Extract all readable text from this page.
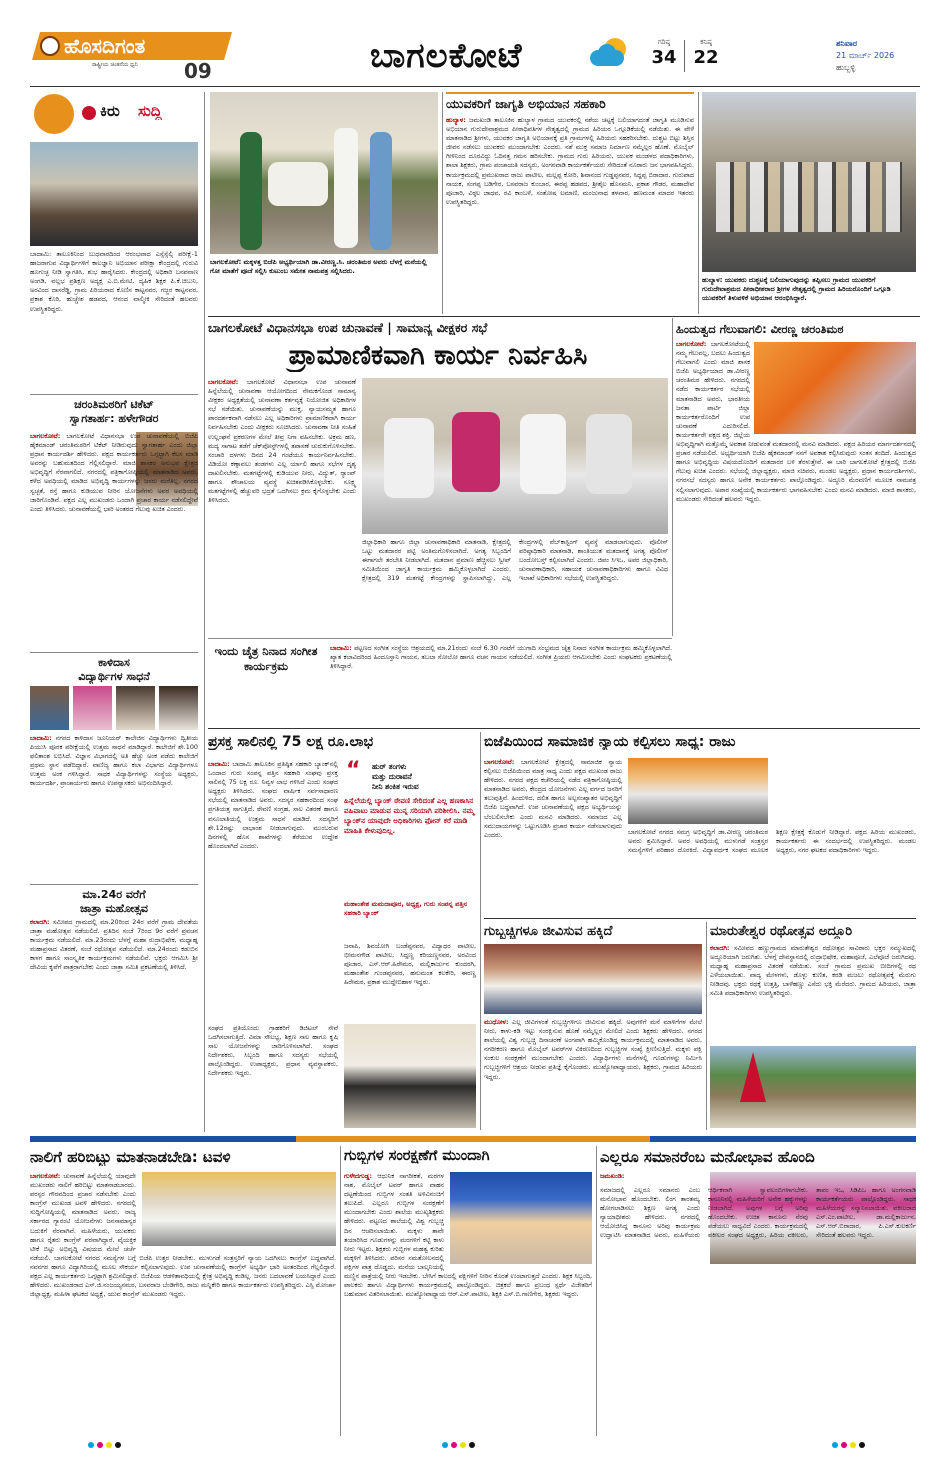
ಹೊಸದಿಗಂತ
ರಾಷ್ಟ್ರೀಯ ಚಿಂತನೆಯ ಧ್ವನಿ 09	ಬಾಗಲಕೋಟೆ	ಗರಿಷ್ಠ
34
ಕನಿಷ್ಠ
22
ಶನಿವಾರ
21 ಮಾರ್ಚ್ 2026
ಹುಬ್ಬಳ್ಳಿ
ಕಿರು ಸುದ್ದಿ
ಬಾದಾಮಿ: ತಾಲೂಕಿನಿಂದ ಬುಧವಾರದಿಂದ ಆರಂಭವಾದ ಎಸ್ಸೆಸ್ಸೆಲ್ಸಿ ಪರೀಕ್ಷೆ-1 ಹಾಜರಾಗುವ ವಿದ್ಯಾರ್ಥಿಗಳಿಗೆ ಕಾಲಜ್ಞಾನಿ ಅಭಿಯಾನ ಪರೀಕ್ಷಾ ಕೇಂದ್ರದಲ್ಲಿ ಗುರುವಿ ಹೂಗುಚ್ಛ ನೀಡಿ ಸ್ವಾಗತಿಸಿ, ಶುಭ ಹಾರೈಸಿದರು. ಕೇಂದ್ರದಲ್ಲಿ ಅಧಿಕಾರಿ ಬನಪನಾಣ ಅಂಗಡಿ, ವಲ್ಲಭ ಪ್ರಶಿಕ್ಷಣ ಅದ್ಯಕ್ಷ ಎ.ಬಿ.ಮೇಟಿ, ದ್ಯಹಿಕ ಶಿಕ್ಷಕ ಪಿ.ಕೆ.ಚಿಬುನಿ, ಅರವಿಂದ ದಾಸರೆಡ್ಡಿ, ಗ್ರಾಮ ಪಿರಿಯರಾದ ಕೊಣಿಸ ಕಾಟ್ಟನವರ, ಗಜ್ಜರ ಕಾಟ್ಟನವರ, ಪ್ರಕಾಶ ಕೊರಿ, ಹುಚ್ಚೇಶ ಹಡಪದ, ಆನಂದ ವಾಲ್ಮೀಕಿ ಸೇರಿದಂತೆ ಹಲವರು ಉಪಸ್ಥಿತರಿದ್ದರು.
ಚರಂತಿಮಠರಿಗೆ ಟಿಕೆಟ್
ಸ್ವಾಗತಾರ್ಹ: ಹಳೇಗೌಡರ
ಬಾಗಲಕೋಟೆ: ಬಾಗಲಕೋಟೆ ವಿಧಾನಸಭಾ ಉಪ ಚುನಾವಣೆಯಲ್ಲಿ ಬಿಜೆಪಿ ಹೈಕಮಾಂಡ್ ಚರಂತಿಮಠರಿಗೆ ಟಿಕೆಟ್ ನೀಡಿರುವುದು ಸ್ವಾಗತಾರ್ಹ ಎಂದು ಜಿಲ್ಲಾ ಪ್ರಧಾನ ಕಾರ್ಯದರ್ಶಿ ಹೇಳಿದರು. ಪಕ್ಷದ ಕಾರ್ಯಕರ್ತರು ಒಗ್ಗಟ್ಟಾಗಿ ಕೆಲಸ ಮಾಡಿ ಅವರನ್ನು ಬಹುಮತದಿಂದ ಗೆಲ್ಲಿಸಲಿದ್ದಾರೆ. ಮಾಜಿ ಶಾಸಕರ ಅನುಭವ ಕ್ಷೇತ್ರದ ಅಭಿವೃದ್ಧಿಗೆ ನೆರವಾಗಲಿದೆ. ನಗರದಲ್ಲಿ ಪತ್ರಿಕಾಗೋಷ್ಠಿಯಲ್ಲಿ ಮಾತನಾಡಿದ ಅವರು, ಕಳೆದ ಅವಧಿಯಲ್ಲಿ ಮಾಡಿದ ಅಭಿವೃದ್ಧಿ ಕಾರ್ಯಗಳನ್ನು ಜನರು ಮರೆತಿಲ್ಲ. ನಗರದ ಸ್ವಚ್ಛತೆ, ರಸ್ತೆ ಹಾಗೂ ಕುಡಿಯುವ ನೀರಿನ ಯೋಜನೆಗಳು ಅವರ ಅವಧಿಯಲ್ಲಿ ಜಾರಿಗೊಂಡಿವೆ. ಪಕ್ಷದ ಎಲ್ಲ ಮುಖಂಡರು ಒಂದಾಗಿ ಪ್ರಚಾರ ಕಾರ್ಯ ನಡೆಸಲಿದ್ದೇವೆ ಎಂದು ತಿಳಿಸಿದರು. ಚುನಾವಣೆಯಲ್ಲಿ ಭಾರಿ ಅಂತರದ ಗೆಲುವು ಖಚಿತ ಎಂದರು.
ಕಾಳಿದಾಸ
ವಿದ್ಯಾರ್ಥಿಗಳ ಸಾಧನೆ
ಬಾದಾಮಿ: ನಗರದ ಕಾಳಿದಾಸ ಜೂನಿಯರ್ ಕಾಲೇಜಿನ ವಿದ್ಯಾರ್ಥಿಗಳು ದ್ವಿತೀಯ ಪಿಯುಸಿ ಪೂರಕ ಪರೀಕ್ಷೆಯಲ್ಲಿ ಉತ್ತಮ ಸಾಧನೆ ಮಾಡಿದ್ದಾರೆ. ಕಾಲೇಜಿಗೆ ಶೇ.100 ಫಲಿತಾಂಶ ಲಭಿಸಿದೆ. ವಿಜ್ಞಾನ ವಿಭಾಗದಲ್ಲಿ ಅತಿ ಹೆಚ್ಚು ಅಂಕ ಪಡೆದು ಕಾಲೇಜಿಗೆ ಪ್ರಥಮ ಸ್ಥಾನ ಪಡೆದಿದ್ದಾರೆ. ವಾಣಿಜ್ಯ ಹಾಗೂ ಕಲಾ ವಿಭಾಗದ ವಿದ್ಯಾರ್ಥಿಗಳೂ ಉತ್ತಮ ಅಂಕ ಗಳಿಸಿದ್ದಾರೆ. ಸಾಧಕ ವಿದ್ಯಾರ್ಥಿಗಳನ್ನು ಸಂಸ್ಥೆಯ ಅಧ್ಯಕ್ಷರು, ಕಾರ್ಯದರ್ಶಿ, ಪ್ರಾಚಾರ್ಯರು ಹಾಗೂ ಉಪನ್ಯಾಸಕರು ಅಭಿನಂದಿಸಿದ್ದಾರೆ.
ಮಾ.24ರ ವರೆಗೆ
ಜಾತ್ರಾ ಮಹೋತ್ಸವ
ಕಲಾದಗಿ: ಸಮೀಪದ ಗ್ರಾಮದಲ್ಲಿ ಮಾ.20ರಿಂದ 24ರ ವರೆಗೆ ಗ್ರಾಮ ದೇವತೆಯ ಜಾತ್ರಾ ಮಹೋತ್ಸವ ನಡೆಯಲಿದೆ. ಪ್ರತಿದಿನ ಸಂಜೆ 7ರಿಂದ 9ರ ವರೆಗೆ ಪ್ರವಚನ ಕಾರ್ಯಕ್ರಮ ನಡೆಯಲಿದೆ. ಮಾ.23ರಂದು ಬೆಳಗ್ಗೆ ಮಹಾ ರುದ್ರಾಭಿಷೇಕ, ಮಧ್ಯಾಹ್ನ ಮಹಾಪ್ರಸಾದ ವಿತರಣೆ, ಸಂಜೆ ರಥೋತ್ಸವ ನಡೆಯಲಿದೆ. ಮಾ.24ರಂದು ಕಡುಬಿನ ಕಾಳಗ ಹಾಗೂ ಸಾಂಸ್ಕೃತಿಕ ಕಾರ್ಯಕ್ರಮಗಳು ನಡೆಯಲಿವೆ. ಭಕ್ತರು ಆಗಮಿಸಿ ಶ್ರೀ ದೇವಿಯ ಕೃಪೆಗೆ ಪಾತ್ರರಾಗಬೇಕು ಎಂದು ಜಾತ್ರಾ ಸಮಿತಿ ಪ್ರಕಟಣೆಯಲ್ಲಿ ತಿಳಿಸಿದೆ.
ಬಾಗಲಕೋಟೆ: ಮಕ್ಕಳತ್ತ ಬಿಜೆಪಿ ಅಭ್ಯರ್ಥಿಯಾಗಿ ಡಾ.ವೀರಣ್ಣ.ಸಿ. ಚರಂತಿಮಠ ಅವರು ಬೆಳಗ್ಗೆ ಮನೆಯಲ್ಲಿ ಗೋ ಮಾತೆಗೆ ಪೂಜೆ ಸಲ್ಲಿಸಿ ಕುಟುಂಬ ಸಮೇತ ನಾಮಪತ್ರ ಸಲ್ಲಿಸಿದರು.
ಯುವಕರಿಗೆ ಜಾಗೃತಿ ಅಭಿಯಾನ ಸಹಕಾರಿ
ಹುಲ್ಯಾಳ: ಜಮಖಂಡಿ ತಾಲೂಕಿನ ಹುಲ್ಯಾಳ ಗ್ರಾಮದ ಯುವಕರಲ್ಲಿ ನಶೆಯ ಚಟ್ಟಕ್ಕೆ ಬಲಿಯಾಗದಂತೆ ಜಾಗೃತಿ ಮೂಡಿಸುವ ಅಭಿಯಾನ ಗುರುದೇವಾಶ್ರಮದ ಪೀಠಾಧಿಪತಿಗಳ ನೇತೃತ್ವದಲ್ಲಿ ಗ್ರಾಮದ ಹಿರಿಯರ ಒಗ್ಗೂಡಿಕೆಯಲ್ಲಿ ನಡೆಯಿತು. ಈ ವೇಳೆ ಮಾತನಾಡಿದ ಶ್ರೀಗಳು, ಯುವಕರ ಜಾಗೃತಿ ಅಭಿಯಾನಕ್ಕೆ ಪ್ರತಿ ಗ್ರಾಮಗಳಲ್ಲಿ ಹಿರಿಯರು ಸಹಕರಿಸಬೇಕು. ದುಶ್ಚಟ ಬಿಟ್ಟು ಶಿಸ್ತಿನ ಜೀವನ ನಡೆಸಲು ಯುವಕರು ಮುಂದಾಗಬೇಕು ಎಂದರು. ನಶೆ ಮುಕ್ತ ಸಮಾಜ ನಿರ್ಮಾಣ ನಮ್ಮೆಲ್ಲರ ಹೊಣೆ. ಮೊಬೈಲ್ ಗೀಳಿನಿಂದ ದೂರವಿದ್ದು ಓದಿನತ್ತ ಗಮನ ಹರಿಸಬೇಕು. ಗ್ರಾಮದ ಗುರು ಹಿರಿಯರು, ಯುವಕ ಮಂಡಳದ ಪದಾಧಿಕಾರಿಗಳು, ಶಾಲಾ ಶಿಕ್ಷಕರು, ಗ್ರಾಮ ಪಂಚಾಯತಿ ಸದಸ್ಯರು, ಅಂಗನವಾಡಿ ಕಾರ್ಯಕರ್ತೆಯರು ಸೇರಿದಂತೆ ನೂರಾರು ಜನ ಭಾಗವಹಿಸಿದ್ದರು. ಕಾರ್ಯಕ್ರಮದಲ್ಲಿ ಪ್ರಮುಖರಾದ ರಾಜು ಪಾಟೀಲ, ಮಲ್ಲಪ್ಪ ಕೋರಿ, ಶಿವಾನಂದ ಗುಡ್ಡಪ್ಪನವರ, ಸಿದ್ದಪ್ಪ ಬಿರಾದಾರ, ಗುರುಪಾದ ನಾಯಕ, ಸಂಗಪ್ಪ ಬಡಿಗೇರ, ಬಸವರಾಜ ಕುಂಬಾರ, ಈರಪ್ಪ ಹಡಪದ, ಶ್ರೀಶೈಲ ಹೊಸಮನಿ, ಪ್ರಕಾಶ ಗೌಡರ, ಮಹಾದೇವ ಪೂಜಾರಿ, ವಿಠ್ಠಲ ಜಾಧವ, ರವಿ ಕಾಂಬಳೆ, ಸಂತೋಷ ಲಮಾಣಿ, ಮಂಜುನಾಥ ತಳವಾರ, ಹಣಮಂತ ಮಾದರ ಇತರರು ಉಪಸ್ಥಿತರಿದ್ದರು.
ಹುಲ್ಯಾಳ: ಯುವಕರು ದುಶ್ಚಟಕ್ಕೆ ಬಲಿಯಾಗುವುದನ್ನು ತಪ್ಪಿಸಲು ಗ್ರಾಮದ ಯುವಕರಿಗೆ ಗುರುದೇವಾಶ್ರಮದ ಪೀಠಾಧೀಶರಾದ ಶ್ರೀಗಳ ನೇತೃತ್ವದಲ್ಲಿ ಗ್ರಾಮದ ಹಿರಿಯರೊಂದಿಗೆ ಒಗ್ಗೂಡಿ ಯುವಕರಿಗೆ ತಿಳುವಳಿಕೆ ಅಭಿಯಾನ ಆರಂಭಿಸಿದ್ದಾರೆ.
ಬಾಗಲಕೋಟೆ ವಿಧಾನಸಭಾ ಉಪ ಚುನಾವಣೆ | ಸಾಮಾನ್ಯ ವೀಕ್ಷಕರ ಸಭೆ
ಪ್ರಾಮಾಣಿಕವಾಗಿ ಕಾರ್ಯ ನಿರ್ವಹಿಸಿ
ಬಾಗಲಕೋಟೆ: ಬಾಗಲಕೋಟೆ ವಿಧಾನಸಭಾ ಉಪ ಚುನಾವಣೆ ಹಿನ್ನೆಲೆಯಲ್ಲಿ ಚುನಾವಣಾ ಆಯೋಗದಿಂದ ನೇಮಕಗೊಂಡ ಸಾಮಾನ್ಯ ವೀಕ್ಷಕರ ಅಧ್ಯಕ್ಷತೆಯಲ್ಲಿ ಚುನಾವಣಾ ಕರ್ತವ್ಯಕ್ಕೆ ನಿಯೋಜಿತ ಅಧಿಕಾರಿಗಳ ಸಭೆ ನಡೆಯಿತು. ಚುನಾವಣೆಯನ್ನು ಮುಕ್ತ, ನ್ಯಾಯಸಮ್ಮತ ಹಾಗೂ ಪಾರದರ್ಶಕವಾಗಿ ನಡೆಸಲು ಎಲ್ಲ ಅಧಿಕಾರಿಗಳು ಪ್ರಾಮಾಣಿಕವಾಗಿ ಕಾರ್ಯ ನಿರ್ವಹಿಸಬೇಕು ಎಂದು ವೀಕ್ಷಕರು ಸೂಚಿಸಿದರು. ಚುನಾವಣಾ ನೀತಿ ಸಂಹಿತೆ ಉಲ್ಲಂಘನೆ ಪ್ರಕರಣಗಳ ಮೇಲೆ ತೀವ್ರ ನಿಗಾ ವಹಿಸಬೇಕು. ಅಕ್ರಮ ಹಣ, ಮದ್ಯ ಸಾಗಾಟ ತಡೆಗೆ ಚೆಕ್‌ಪೋಸ್ಟ್‌ಗಳಲ್ಲಿ ತಪಾಸಣೆ ಚುರುಕುಗೊಳಿಸಬೇಕು. ಸಂಚಾರಿ ದಳಗಳು ದಿನದ 24 ಗಂಟೆಯೂ ಕಾರ್ಯನಿರ್ವಹಿಸಬೇಕು. ವಿಡಿಯೋ ಕಣ್ಗಾವಲು ತಂಡಗಳು ಎಲ್ಲ ರ್ಯಾಲಿ ಹಾಗೂ ಸಭೆಗಳ ದೃಶ್ಯ ದಾಖಲಿಸಬೇಕು. ಮತಗಟ್ಟೆಗಳಲ್ಲಿ ಕುಡಿಯುವ ನೀರು, ವಿದ್ಯುತ್, ರ‍್ಯಾಂಪ್ ಹಾಗೂ ಶೌಚಾಲಯ ವ್ಯವಸ್ಥೆ ಖಚಿತಪಡಿಸಿಕೊಳ್ಳಬೇಕು. ಸೂಕ್ಷ್ಮ ಮತಗಟ್ಟೆಗಳಲ್ಲಿ ಹೆಚ್ಚುವರಿ ಭದ್ರತೆ ಒದಗಿಸಲು ಕ್ರಮ ಕೈಗೊಳ್ಳಬೇಕು ಎಂದು ತಿಳಿಸಿದರು.
ಜಿಲ್ಲಾಧಿಕಾರಿ ಹಾಗೂ ಜಿಲ್ಲಾ ಚುನಾವಣಾಧಿಕಾರಿ ಮಾತನಾಡಿ, ಕ್ಷೇತ್ರದಲ್ಲಿ ಒಟ್ಟು ಮತದಾರರ ಪಟ್ಟಿ ಅಂತಿಮಗೊಳಿಸಲಾಗಿದೆ. ಅಗತ್ಯ ಸಿಬ್ಬಂದಿಗೆ ಈಗಾಗಲೇ ತರಬೇತಿ ನೀಡಲಾಗಿದೆ. ಮತದಾನ ಪ್ರಮಾಣ ಹೆಚ್ಚಿಸಲು ಸ್ವೀಪ್ ಸಮಿತಿಯಿಂದ ಜಾಗೃತಿ ಕಾರ್ಯಕ್ರಮ ಹಮ್ಮಿಕೊಳ್ಳಲಾಗಿದೆ ಎಂದರು. ಕ್ಷೇತ್ರದಲ್ಲಿ 319 ಮತಗಟ್ಟೆ ಕೇಂದ್ರಗಳನ್ನು ಸ್ಥಾಪಿಸಲಾಗಿದ್ದು, ಎಲ್ಲ ಕೇಂದ್ರಗಳಲ್ಲಿ ವೆಬ್‌ಕಾಸ್ಟಿಂಗ್ ವ್ಯವಸ್ಥೆ ಮಾಡಲಾಗುವುದು. ಪೊಲೀಸ್ ವರಿಷ್ಠಾಧಿಕಾರಿ ಮಾತನಾಡಿ, ಶಾಂತಿಯುತ ಮತದಾನಕ್ಕೆ ಅಗತ್ಯ ಪೊಲೀಸ್ ಬಂದೋಬಸ್ತ್ ಕಲ್ಪಿಸಲಾಗಿದೆ ಎಂದರು. ಜಿಪಂ ಸಿಇಒ, ಅಪರ ಜಿಲ್ಲಾಧಿಕಾರಿ, ಚುನಾವಣಾಧಿಕಾರಿ, ಸಹಾಯಕ ಚುನಾವಣಾಧಿಕಾರಿಗಳು ಹಾಗೂ ವಿವಿಧ ಇಲಾಖೆ ಅಧಿಕಾರಿಗಳು ಸಭೆಯಲ್ಲಿ ಉಪಸ್ಥಿತರಿದ್ದರು.
ಹಿಂದುತ್ವದ ಗೆಲುವಾಗಲಿ: ವೀರಣ್ಣ ಚರಂತಿಮಠ
ಬಾಗಲಕೋಟೆ: ಬಾಗಲಕೋಟೆಯಲ್ಲಿ ನಮ್ಮ ಗೆಲುವಲ್ಲ, ಬದಲು ಹಿಂದುತ್ವದ ಗೆಲುವಾಗಲಿ ಎಂದು ಮಾಜಿ ಶಾಸಕ ಬಿಜೆಪಿ ಅಭ್ಯರ್ಥಿಯಾದ ಡಾ.ವೀರಣ್ಣ ಚರಂತಿಮಠ ಹೇಳಿದರು. ನಗರದಲ್ಲಿ ನಡೆದ ಕಾರ್ಯಕರ್ತರ ಸಭೆಯಲ್ಲಿ ಮಾತನಾಡಿದ ಅವರು, ಭಾರತೀಯ ಜನತಾ ಪಾರ್ಟಿ ಜಿಲ್ಲಾ ಕಾರ್ಯಕರ್ತರೊಂದಿಗೆ ಉಪ ಚುನಾವಣೆ ಎದುರಿಸಲಿದೆ. ಕಾರ್ಯಕರ್ತರೇ ಪಕ್ಷದ ಶಕ್ತಿ. ಜಿಲ್ಲೆಯ ಅಭಿವೃದ್ಧಿಗಾಗಿ ಮತ್ತೊಮ್ಮೆ ಅವಕಾಶ ನೀಡುವಂತೆ ಮತದಾರರಲ್ಲಿ ಮನವಿ ಮಾಡಿದರು. ಪಕ್ಷದ ಹಿರಿಯರ ಮಾರ್ಗದರ್ಶನದಲ್ಲಿ ಪ್ರಚಾರ ನಡೆಯಲಿದೆ. ಅಭ್ಯರ್ಥಿಯಾಗಿ ಬಿಜೆಪಿ ಹೈಕಮಾಂಡ್ ನನಗೆ ಅವಕಾಶ ಕಲ್ಪಿಸಿರುವುದು ಸಂತಸ ತಂದಿದೆ. ಹಿಂದುತ್ವದ ಹಾಗೂ ಅಭಿವೃದ್ಧಿಯ ವಿಷಯದೊಂದಿಗೆ ಮತದಾರರ ಬಳಿ ತೆರಳುತ್ತೇವೆ. ಈ ಬಾರಿ ಬಾಗಲಕೋಟೆ ಕ್ಷೇತ್ರದಲ್ಲಿ ಬಿಜೆಪಿ ಗೆಲುವು ಖಚಿತ ಎಂದರು. ಸಭೆಯಲ್ಲಿ ಜಿಲ್ಲಾಧ್ಯಕ್ಷರು, ಮಾಜಿ ಸಚಿವರು, ಮಂಡಲ ಅಧ್ಯಕ್ಷರು, ಪ್ರಧಾನ ಕಾರ್ಯದರ್ಶಿಗಳು, ನಗರಸಭೆ ಸದಸ್ಯರು ಹಾಗೂ ಅನೇಕ ಕಾರ್ಯಕರ್ತರು ಪಾಲ್ಗೊಂಡಿದ್ದರು. ಅದ್ದೂರಿ ಮೆರವಣಿಗೆ ಮೂಲಕ ನಾಮಪತ್ರ ಸಲ್ಲಿಸಲಾಗುವುದು. ಅಪಾರ ಸಂಖ್ಯೆಯಲ್ಲಿ ಕಾರ್ಯಕರ್ತರು ಭಾಗವಹಿಸಬೇಕು ಎಂದು ಮನವಿ ಮಾಡಿದರು. ಮಾಜಿ ಶಾಸಕರು, ಮುಖಂಡರು ಸೇರಿದಂತೆ ಹಲವರು ಇದ್ದರು.
ಇಂದು ಚೈತ್ರ ನಿನಾದ ಸಂಗೀತ ಕಾರ್ಯಕ್ರಮ
ಬಾದಾಮಿ: ಪಟ್ಟಣದ ಸಂಗೀತ ಸಂಸ್ಥೆಯ ಆಶ್ರಯದಲ್ಲಿ ಮಾ.21ರಂದು ಸಂಜೆ 6.30 ಗಂಟೆಗೆ ಯುಗಾದಿ ಸಂಭ್ರಮದ ಚೈತ್ರ ನಿನಾದ ಸಂಗೀತ ಕಾರ್ಯಕ್ರಮ ಹಮ್ಮಿಕೊಳ್ಳಲಾಗಿದೆ. ಖ್ಯಾತ ಕಲಾವಿದರಿಂದ ಹಿಂದೂಸ್ತಾನಿ ಗಾಯನ, ತಬಲಾ ಸೋಲೋ ಹಾಗೂ ವಚನ ಗಾಯನ ನಡೆಯಲಿದೆ. ಸಂಗೀತ ಪ್ರಿಯರು ಆಗಮಿಸಬೇಕು ಎಂದು ಸಂಘಟಕರು ಪ್ರಕಟಣೆಯಲ್ಲಿ ತಿಳಿಸಿದ್ದಾರೆ.
ಪ್ರಸಕ್ತ ಸಾಲಿನಲ್ಲಿ 75 ಲಕ್ಷ ರೂ.ಲಾಭ
ಬಾದಾಮಿ: ಬಾದಾಮಿ ತಾಲೂಕಿನ ಪ್ರತಿಷ್ಠಿತ ಸಹಕಾರಿ ಬ್ಯಾಂಕ್‌ನಲ್ಲಿ ಒಂದಾದ ಗುರು ಸಂಪನ್ನ ಪತ್ತಿನ ಸಹಕಾರಿ ಸಂಘವು ಪ್ರಸಕ್ತ ಸಾಲಿನಲ್ಲಿ 75 ಲಕ್ಷ ರೂ. ನಿವ್ವಳ ಲಾಭ ಗಳಿಸಿದೆ ಎಂದು ಸಂಘದ ಅಧ್ಯಕ್ಷರು ತಿಳಿಸಿದರು. ಸಂಘದ ವಾರ್ಷಿಕ ಸರ್ವಸಾಧಾರಣ ಸಭೆಯಲ್ಲಿ ಮಾತನಾಡಿದ ಅವರು, ಸದಸ್ಯರ ಸಹಕಾರದಿಂದ ಸಂಘ ಪ್ರಗತಿಯತ್ತ ಸಾಗುತ್ತಿದೆ. ಠೇವಣಿ ಸಂಗ್ರಹ, ಸಾಲ ವಿತರಣೆ ಹಾಗೂ ವಸೂಲಾತಿಯಲ್ಲಿ ಉತ್ತಮ ಸಾಧನೆ ಮಾಡಿದೆ. ಸದಸ್ಯರಿಗೆ ಶೇ.12ರಷ್ಟು ಲಾಭಾಂಶ ನೀಡಲಾಗುವುದು. ಮುಂಬರುವ ದಿನಗಳಲ್ಲಿ ಹೊಸ ಶಾಖೆಗಳನ್ನು ತೆರೆಯುವ ಉದ್ದೇಶ ಹೊಂದಲಾಗಿದೆ ಎಂದರು.
“ ಹುರ್ ತಂಗಳು
ಮತ್ತು ದುರಾವನೆ
ನೀನಿ ಶಂಕಿತ ಇರುವ
ಹಿನ್ನೆಲೆಯಲ್ಲಿ ಬ್ಯಾಂಕ್ ಠೇವಣಿ ಸೇರಿದಂತೆ ಎಲ್ಲ ಹಣಕಾಸಿನ ವಹಿವಾಟು ಮಾಡುವ ಮುನ್ನ ಸರಿಯಾಗಿ ಪರಿಶೀಲಿಸಿ. ನಮ್ಮ ಬ್ಯಾಂಕ್‌ನ ಯಾವುದೇ ಅಧಿಕಾರಿಗಳು ಫೋನ್ ಕರೆ ಮಾಡಿ ಮಾಹಿತಿ ಕೇಳುವುದಿಲ್ಲ.
ಮಹಾಂತೇಶ ಮಮದಾಪೂರ, ಅಧ್ಯಕ್ಷ, ಗುರು ಸಂಪನ್ನ ಪತ್ತಿನ ಸಹಕಾರಿ ಬ್ಯಾಂಕ್
ಜನಾಪಿ, ಶಿವಯೋಗಿ ಬಂಡೆಪ್ಪನವರ, ವಿದ್ಯಾಧರ ಪಾಟೀಲ, ಭೀಮನಗೌಡ ಪಾಟೀಲ, ಸಿದ್ದಣ್ಣ ಕರಿಯಣ್ಣನವರ, ಅರವಿಂದ ಪೂಜಾರ, ಎಸ್.ಆರ್.ಹಿರೇಮಠ, ಮಲ್ಲಿಕಾರ್ಜುನ ಕುಂದರಗಿ, ಮಹಾಂತೇಶ ಗುಂಡಪ್ಪನವರ, ಹನುಮಂತ ಕಲಕೇರಿ, ಈರಣ್ಣ ಹಿರೇಮಠ, ಪ್ರಕಾಶ ಮುದ್ದೇಬಿಹಾಳ ಇದ್ದರು.
ಸಂಘದ ಪ್ರತಿಯೊಂದು ಗ್ರಾಹಕರಿಗೆ ಡಿಜಿಟಲ್ ಸೇವೆ ಒದಗಿಸಲಾಗುತ್ತಿದೆ. ವಿಮಾ ಸೌಲಭ್ಯ, ಶಿಕ್ಷಣ ಸಾಲ ಹಾಗೂ ಕೃಷಿ ಸಾಲ ಯೋಜನೆಗಳನ್ನು ಜಾರಿಗೊಳಿಸಲಾಗಿದೆ. ಸಂಘದ ನಿರ್ದೇಶಕರು, ಸಿಬ್ಬಂದಿ ಹಾಗೂ ಸದಸ್ಯರು ಸಭೆಯಲ್ಲಿ ಪಾಲ್ಗೊಂಡಿದ್ದರು. ಉಪಾಧ್ಯಕ್ಷರು, ಪ್ರಧಾನ ವ್ಯವಸ್ಥಾಪಕರು, ನಿರ್ದೇಶಕರು ಇದ್ದರು.
ಬಿಜೆಪಿಯಿಂದ ಸಾಮಾಜಿಕ ನ್ಯಾಯ ಕಲ್ಪಿಸಲು ಸಾಧ್ಯ: ರಾಜು
ಬಾಗಲಕೋಟೆ: ಬಾಗಲಕೋಟೆ ಕ್ಷೇತ್ರದಲ್ಲಿ ಸಾಮಾಜಿಕ ನ್ಯಾಯ ಕಲ್ಪಿಸಲು ಬಿಜೆಪಿಯಿಂದ ಮಾತ್ರ ಸಾಧ್ಯ ಎಂದು ಪಕ್ಷದ ಮುಖಂಡ ರಾಜು ಹೇಳಿದರು. ನಗರದ ಪಕ್ಷದ ಕಚೇರಿಯಲ್ಲಿ ನಡೆದ ಪತ್ರಿಕಾಗೋಷ್ಠಿಯಲ್ಲಿ ಮಾತನಾಡಿದ ಅವರು, ಕೇಂದ್ರದ ಯೋಜನೆಗಳು ಎಲ್ಲ ವರ್ಗದ ಜನರಿಗೆ ತಲುಪುತ್ತಿವೆ. ಹಿಂದುಳಿದ, ದಲಿತ ಹಾಗೂ ಅಲ್ಪಸಂಖ್ಯಾತರ ಅಭಿವೃದ್ಧಿಗೆ ಬಿಜೆಪಿ ಬದ್ಧವಾಗಿದೆ. ಉಪ ಚುನಾವಣೆಯಲ್ಲಿ ಪಕ್ಷದ ಅಭ್ಯರ್ಥಿಯನ್ನು ಬೆಂಬಲಿಸಬೇಕು ಎಂದು ಮನವಿ ಮಾಡಿದರು. ಸಮಾಜದ ಎಲ್ಲ ಸಮುದಾಯಗಳನ್ನು ಒಟ್ಟುಗೂಡಿಸಿ ಪ್ರಚಾರ ಕಾರ್ಯ ನಡೆಸಲಾಗುವುದು ಎಂದರು.	ಬಾಗಲಕೋಟೆ ನಗರದ ಸಮಗ್ರ ಅಭಿವೃದ್ಧಿಗೆ ಡಾ.ವೀರಣ್ಣ ಚರಂತಿಮಠ ಅವರು ಶ್ರಮಿಸಿದ್ದಾರೆ. ಅವರ ಅವಧಿಯಲ್ಲಿ ಮುಳುಗಡೆ ಸಂತ್ರಸ್ತರ ಸಮಸ್ಯೆಗಳಿಗೆ ಪರಿಹಾರ ದೊರಕಿದೆ. ವಿದ್ಯಾವರ್ಧಕ ಸಂಘದ ಮೂಲಕ ಶಿಕ್ಷಣ ಕ್ಷೇತ್ರಕ್ಕೆ ಕೊಡುಗೆ ನೀಡಿದ್ದಾರೆ. ಪಕ್ಷದ ಹಿರಿಯ ಮುಖಂಡರು, ಕಾರ್ಯಕರ್ತರು ಈ ಸಂದರ್ಭದಲ್ಲಿ ಉಪಸ್ಥಿತರಿದ್ದರು. ಮಂಡಲ ಅಧ್ಯಕ್ಷರು, ನಗರ ಘಟಕದ ಪದಾಧಿಕಾರಿಗಳು ಇದ್ದರು.
ಗುಬ್ಬಚ್ಚಿಗಳೂ ಜೀವಿಸುವ ಹಕ್ಕಿದೆ
ಮುಧೋಳ: ಎಲ್ಲ ಜೀವಿಗಳಂತೆ ಗುಬ್ಬಚ್ಚಿಗಳಿಗೂ ಜೀವಿಸುವ ಹಕ್ಕಿದೆ. ಅವುಗಳಿಗೆ ಮನೆ ಮಾಳಿಗೆಗಳ ಮೇಲೆ ನೀರು, ಕಾಳು-ಕಡಿ ಇಟ್ಟು ಸಂರಕ್ಷಿಸುವ ಹೊಣೆ ನಮ್ಮೆಲ್ಲರ ಮೇಲಿದೆ ಎಂದು ಶಿಕ್ಷಕರು ಹೇಳಿದರು. ನಗರದ ಶಾಲೆಯಲ್ಲಿ ವಿಶ್ವ ಗುಬ್ಬಚ್ಚಿ ದಿನಾಚರಣೆ ಅಂಗವಾಗಿ ಹಮ್ಮಿಕೊಂಡಿದ್ದ ಕಾರ್ಯಕ್ರಮದಲ್ಲಿ ಮಾತನಾಡಿದ ಅವರು, ನಗರೀಕರಣ ಹಾಗೂ ಮೊಬೈಲ್ ಟವರ್‌ಗಳ ವಿಕಿರಣದಿಂದ ಗುಬ್ಬಚ್ಚಿಗಳ ಸಂಖ್ಯೆ ಕ್ಷೀಣಿಸುತ್ತಿದೆ. ಮಕ್ಕಳು ಪಕ್ಷಿ ಸಂಕುಲ ಸಂರಕ್ಷಣೆಗೆ ಮುಂದಾಗಬೇಕು ಎಂದರು. ವಿದ್ಯಾರ್ಥಿಗಳು ಮನೆಗಳಲ್ಲಿ ಗೂಡುಗಳನ್ನು ನಿರ್ಮಿಸಿ ಗುಬ್ಬಚ್ಚಿಗಳಿಗೆ ಆಶ್ರಯ ನೀಡುವ ಪ್ರತಿಜ್ಞೆ ಕೈಗೊಂಡರು. ಮುಖ್ಯೋಪಾಧ್ಯಾಯರು, ಶಿಕ್ಷಕರು, ಗ್ರಾಮದ ಹಿರಿಯರು ಇದ್ದರು.
ಮಾರುತೇಶ್ವರ ರಥೋತ್ಸವ ಅದ್ದೂರಿ
ಕಲಾದಗಿ: ಸಮೀಪದ ಹಣ್ಣುಗ್ರಾಮದ ಮಾರುತೇಶ್ವರ ರಥೋತ್ಸವ ಸಾವಿರಾರು ಭಕ್ತರ ಸಮ್ಮುಖದಲ್ಲಿ ಅದ್ದೂರಿಯಾಗಿ ಜರುಗಿತು. ಬೆಳಗ್ಗೆ ದೇವಸ್ಥಾನದಲ್ಲಿ ರುದ್ರಾಭಿಷೇಕ, ಮಹಾಪೂಜೆ, ಎಲೆಪೂಜೆ ಜರುಗಿದವು. ಮಧ್ಯಾಹ್ನ ಮಹಾಪ್ರಸಾದ ವಿತರಣೆ ನಡೆಯಿತು. ಸಂಜೆ ಗ್ರಾಮದ ಪ್ರಮುಖ ಬೀದಿಗಳಲ್ಲಿ ರಥ ಎಳೆಯಲಾಯಿತು. ವಾದ್ಯ ಮೇಳಗಳು, ಡೊಳ್ಳು ಕುಣಿತ, ಕರಡಿ ಮಜಲು ರಥೋತ್ಸವಕ್ಕೆ ಮೆರುಗು ನೀಡಿದವು. ಭಕ್ತರು ರಥಕ್ಕೆ ಉತ್ತತ್ತಿ, ಬಾಳೆಹಣ್ಣು ಎಸೆದು ಭಕ್ತಿ ಮೆರೆದರು. ಗ್ರಾಮದ ಹಿರಿಯರು, ಜಾತ್ರಾ ಸಮಿತಿ ಪದಾಧಿಕಾರಿಗಳು ಉಪಸ್ಥಿತರಿದ್ದರು.
ನಾಲಿಗೆ ಹರಿಬಿಟ್ಟು ಮಾತನಾಡಬೇಡಿ: ಟವಳಿ
ಬಾಗಲಕೋಟೆ: ಚುನಾವಣೆ ಹಿನ್ನೆಲೆಯಲ್ಲಿ ಯಾವುದೇ ಮುಖಂಡರು ನಾಲಿಗೆ ಹರಿಬಿಟ್ಟು ಮಾತನಾಡಬಾರದು. ಪರಸ್ಪರ ಗೌರವದಿಂದ ಪ್ರಚಾರ ನಡೆಸಬೇಕು ಎಂದು ಕಾಂಗ್ರೆಸ್ ಮುಖಂಡ ಟವಳಿ ಹೇಳಿದರು. ನಗರದಲ್ಲಿ ಸುದ್ದಿಗೋಷ್ಠಿಯಲ್ಲಿ ಮಾತನಾಡಿದ ಅವರು, ರಾಜ್ಯ ಸರ್ಕಾರದ ಗ್ಯಾರಂಟಿ ಯೋಜನೆಗಳು ಜನಸಾಮಾನ್ಯರ ಬದುಕಿಗೆ ನೆರವಾಗಿವೆ. ಮಹಿಳೆಯರು, ಯುವಕರು ಹಾಗೂ ರೈತರು ಕಾಂಗ್ರೆಸ್ ಪರವಾಗಿದ್ದಾರೆ. ವೈಯಕ್ತಿಕ ಟೀಕೆ ಬಿಟ್ಟು ಅಭಿವೃದ್ಧಿ ವಿಷಯದ ಮೇಲೆ ಚರ್ಚೆ ನಡೆಯಲಿ. ಬಾಗಲಕೋಟೆ ನಗರದ ಸಮಸ್ಯೆಗಳ ಬಗ್ಗೆ ಬಿಜೆಪಿ ಉತ್ತರ ನೀಡಬೇಕು. ಮುಳುಗಡೆ ಸಂತ್ರಸ್ತರಿಗೆ ನ್ಯಾಯ ಒದಗಿಸಲು ಕಾಂಗ್ರೆಸ್ ಬದ್ಧವಾಗಿದೆ. ನವನಗರ ಹಾಗೂ ವಿದ್ಯಾಗಿರಿಯಲ್ಲಿ ಮೂಲ ಸೌಕರ್ಯ ಕಲ್ಪಿಸಲಾಗುವುದು. ಉಪ ಚುನಾವಣೆಯಲ್ಲಿ ಕಾಂಗ್ರೆಸ್ ಅಭ್ಯರ್ಥಿ ಭಾರಿ ಅಂತರದಿಂದ ಗೆಲ್ಲಲಿದ್ದಾರೆ. ಪಕ್ಷದ ಎಲ್ಲ ಕಾರ್ಯಕರ್ತರು ಒಗ್ಗಟ್ಟಾಗಿ ಶ್ರಮಿಸಲಿದ್ದಾರೆ. ಬಿಜೆಪಿಯ ಆಡಳಿತಾವಧಿಯಲ್ಲಿ ಕ್ಷೇತ್ರ ಅಭಿವೃದ್ಧಿ ಕಂಡಿಲ್ಲ. ಜನರು ಬದಲಾವಣೆ ಬಯಸಿದ್ದಾರೆ ಎಂದು ಹೇಳಿದರು. ಮುಖಂಡರಾದ ಎಸ್.ಜಿ.ನಂಜಯ್ಯನಮಠ, ಬಸವರಾಜ ಬೆಂಡಿಗೇರಿ, ರಾಜು ಮನ್ನಿಕೇರಿ ಹಾಗೂ ಕಾರ್ಯಕರ್ತರು ಉಪಸ್ಥಿತರಿದ್ದರು. ಎಸ್ಸಿ ಮೋರ್ಚಾ ಜಿಲ್ಲಾಧ್ಯಕ್ಷ, ಮಹಿಳಾ ಘಟಕದ ಅಧ್ಯಕ್ಷೆ, ಯುವ ಕಾಂಗ್ರೆಸ್ ಮುಖಂಡರು ಇದ್ದರು.
ಗುಬ್ಬಿಗಳ ಸಂರಕ್ಷಣೆಗೆ ಮುಂದಾಗಿ
ಗುಳೇದಗುಡ್ಡ: ಆಧುನಿಕ ನಾಗರೀಕತೆ, ಮರಗಳ ನಾಶ, ಮೊಬೈಲ್ ಟವರ್ ಹಾಗೂ ವಾಹನ ದಟ್ಟಣೆಯಿಂದ ಗುಬ್ಬಿಗಳ ಸಂತತಿ ಅಳಿವಿನಂಚಿಗೆ ತಲುಪಿದೆ. ಎಲ್ಲರೂ ಗುಬ್ಬಿಗಳ ಸಂರಕ್ಷಣೆಗೆ ಮುಂದಾಗಬೇಕು ಎಂದು ಶಾಲೆಯ ಮುಖ್ಯಶಿಕ್ಷಕರು ಹೇಳಿದರು. ಪಟ್ಟಣದ ಶಾಲೆಯಲ್ಲಿ ವಿಶ್ವ ಗುಬ್ಬಚ್ಚಿ ದಿನ ಆಚರಿಸಲಾಯಿತು. ಮಕ್ಕಳು ತಾವೇ ತಯಾರಿಸಿದ ಗೂಡುಗಳನ್ನು ಮರಗಳಿಗೆ ಕಟ್ಟಿ ಕಾಳು ನೀರು ಇಟ್ಟರು. ಶಿಕ್ಷಕರು ಗುಬ್ಬಿಗಳ ಮಹತ್ವ ಕುರಿತು ಮಕ್ಕಳಿಗೆ ತಿಳಿಸಿದರು. ಪರಿಸರ ಸಮತೋಲನದಲ್ಲಿ ಪಕ್ಷಿಗಳ ಪಾತ್ರ ದೊಡ್ಡದು. ಮನೆಯ ಬಾಲ್ಕನಿಯಲ್ಲಿ ಮಣ್ಣಿನ ಪಾತ್ರೆಯಲ್ಲಿ ನೀರು ಇಡಬೇಕು. ಬೇಸಿಗೆ ಕಾಲದಲ್ಲಿ ಪಕ್ಷಿಗಳಿಗೆ ನೀರಿನ ಕೊರತೆ ಉಂಟಾಗುತ್ತದೆ ಎಂದರು. ಶಿಕ್ಷಕ ಸಿಬ್ಬಂದಿ, ಪಾಲಕರು ಹಾಗೂ ವಿದ್ಯಾರ್ಥಿಗಳು ಕಾರ್ಯಕ್ರಮದಲ್ಲಿ ಪಾಲ್ಗೊಂಡಿದ್ದರು. ಚಿತ್ರಕಲೆ ಹಾಗೂ ಪ್ರಬಂಧ ಸ್ಪರ್ಧೆ ವಿಜೇತರಿಗೆ ಬಹುಮಾನ ವಿತರಿಸಲಾಯಿತು. ಮುಖ್ಯೋಪಾಧ್ಯಾಯ ಆರ್.ಎಸ್.ಪಾಟೀಲ, ಶಿಕ್ಷಕಿ ಎಸ್.ಬಿ.ಗಾಣಿಗೇರ, ಶಿಕ್ಷಕರು ಇದ್ದರು.
ಎಲ್ಲರೂ ಸಮಾನರೆಂಬ ಮನೋಭಾವ ಹೊಂದಿ
ಜಮಖಂಡಿ:
ಸಮಾಜದಲ್ಲಿ ಎಲ್ಲರೂ ಸಮಾನರು ಎಂಬ ಮನೋಭಾವ ಹೊಂದಬೇಕು. ಲಿಂಗ ತಾರತಮ್ಯ ಹೋಗಲಾಡಿಸಲು ಶಿಕ್ಷಣ ಅಗತ್ಯ ಎಂದು ನ್ಯಾಯಾಧೀಶರು ಹೇಳಿದರು. ನಗರದಲ್ಲಿ ಆಯೋಜಿಸಿದ್ದ ಕಾನೂನು ಅರಿವು ಕಾರ್ಯಕ್ರಮ ಉದ್ಘಾಟಿಸಿ ಮಾತನಾಡಿದ ಅವರು, ಮಹಿಳೆಯರು ಆರ್ಥಿಕವಾಗಿ ಸ್ವಾವಲಂಬಿಗಳಾಗಬೇಕು. ಕಾನೂನಿನಲ್ಲಿ ಮಹಿಳೆಯರಿಗೆ ಅನೇಕ ಹಕ್ಕುಗಳನ್ನು ನೀಡಲಾಗಿದೆ. ಅವುಗಳ ಬಗ್ಗೆ ಅರಿವು ಹೊಂದಬೇಕು. ಉಚಿತ ಕಾನೂನು ನೆರವು ಪಡೆಯಲು ಸಾಧ್ಯವಿದೆ ಎಂದರು. ಕಾರ್ಯಕ್ರಮದಲ್ಲಿ ವಕೀಲರ ಸಂಘದ ಅಧ್ಯಕ್ಷರು, ಹಿರಿಯ ವಕೀಲರು, ತಾಪಂ ಇಒ, ಸಿಡಿಪಿಒ ಹಾಗೂ ಅಂಗನವಾಡಿ ಕಾರ್ಯಕರ್ತೆಯರು ಪಾಲ್ಗೊಂಡಿದ್ದರು. ಸಾಧಕ ಮಹಿಳೆಯರನ್ನು ಸನ್ಮಾನಿಸಲಾಯಿತು. ವಕೀಲರಾದ ಎಸ್.ಎಂ.ಪಾಟೀಲ, ಡಾ.ಮಲ್ಲಿಕಾರ್ಜುನ, ಎಸ್.ಆರ್.ಬಿರಾದಾರ, ಪಿ.ಎಸ್.ಕುಲಕರ್ಣಿ ಸೇರಿದಂತೆ ಹಲವರು ಇದ್ದರು.
